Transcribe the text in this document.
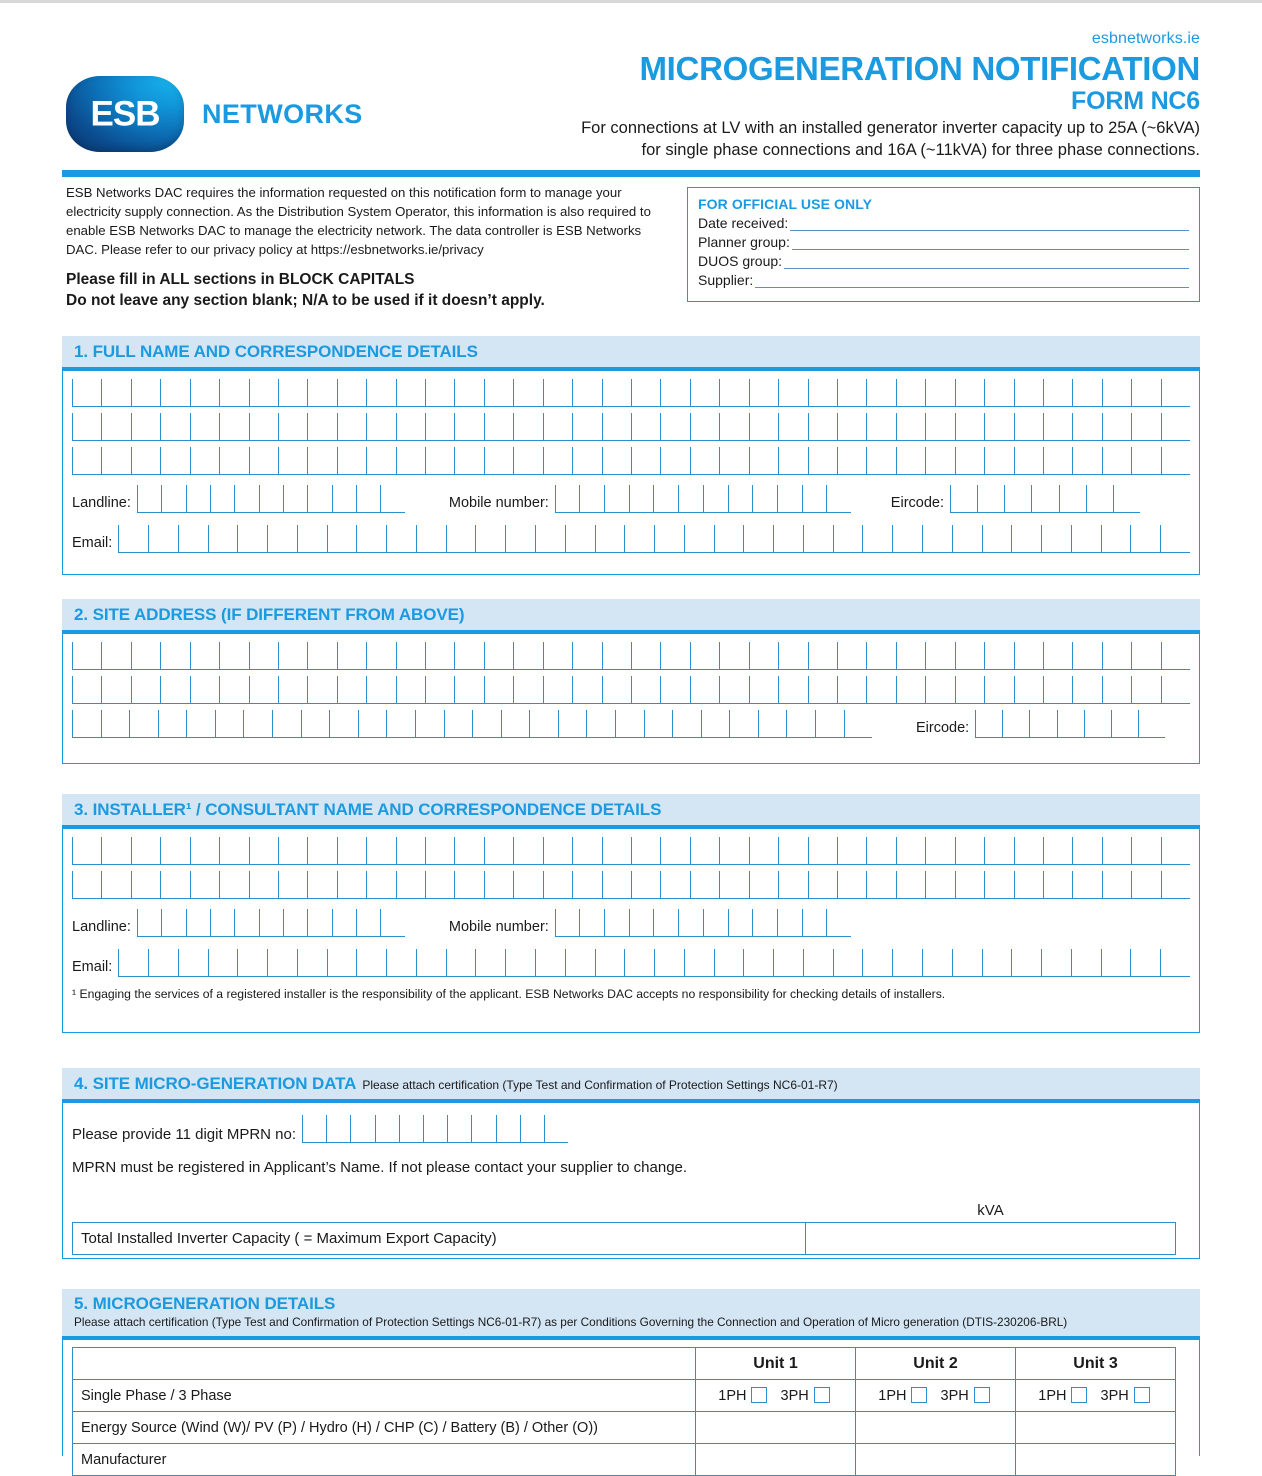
esbnetworks.ie
ESB	NETWORKS
MICROGENERATION NOTIFICATION
FORM NC6
For connections at LV with an installed generator inverter capacity up to 25A (~6kVA)
for single phase connections and 16A (~11kVA) for three phase connections.

ESB Networks DAC requires the information requested on this notification form to manage your electricity supply connection. As the Distribution System Operator, this information is also required to enable ESB Networks DAC to manage the electricity network. The data controller is ESB Networks DAC. Please refer to our privacy policy at https://esbnetworks.ie/privacy

Please fill in ALL sections in BLOCK CAPITALS

Do not leave any section blank; N/A to be used if it doesn’t apply.

FOR OFFICIAL USE ONLY
Date received:
Planner group:
DUOS group:
Supplier:
1. FULL NAME AND CORRESPONDENCE DETAILS
Landline:	Mobile number:	Eircode:
Email:
2. SITE ADDRESS (IF DIFFERENT FROM ABOVE)
Eircode:
3. INSTALLER¹ / CONSULTANT NAME AND CORRESPONDENCE DETAILS
Landline:	Mobile number:
Email:
¹ Engaging the services of a registered installer is the responsibility of the applicant. ESB Networks DAC accepts no responsibility for checking details of installers.
4. SITE MICRO-GENERATION DATA Please attach certification (Type Test and Confirmation of Protection Settings NC6-01-R7)
Please provide 11 digit MPRN no:
MPRN must be registered in Applicant’s Name. If not please contact your supplier to change.
	kVA
Total Installed Inverter Capacity ( = Maximum Export Capacity)	
5. MICROGENERATION DETAILS
Please attach certification (Type Test and Confirmation of Protection Settings NC6-01-R7) as per Conditions Governing the Connection and Operation of Micro generation (DTIS-230206-BRL)
	Unit 1	Unit 2	Unit 3
Single Phase / 3 Phase	1PH 3PH	1PH 3PH	1PH 3PH
Energy Source (Wind (W)/ PV (P) / Hydro (H) / CHP (C) / Battery (B) / Other (O))			
Manufacturer			
